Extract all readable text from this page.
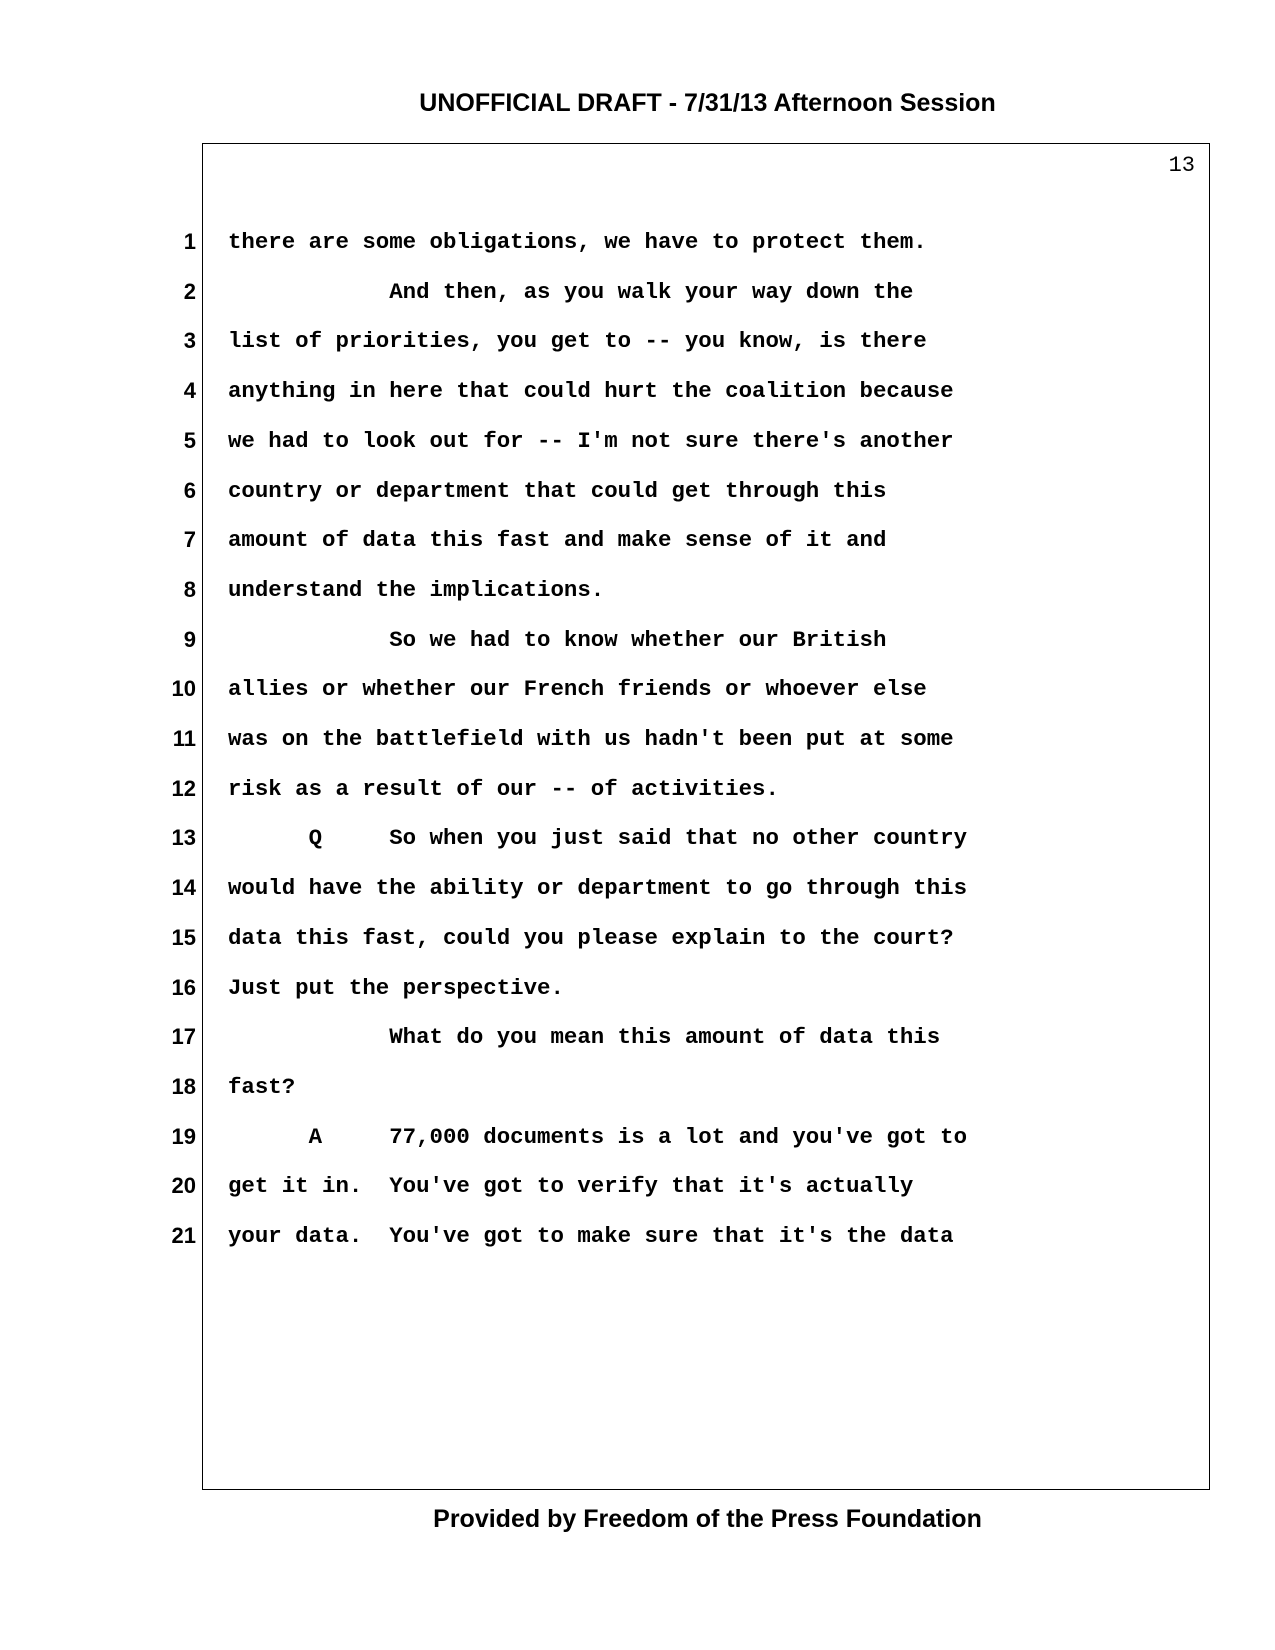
UNOFFICIAL DRAFT - 7/31/13 Afternoon Session
13
1 there are some obligations, we have to protect them.
2 And then, as you walk your way down the
3 list of priorities, you get to -- you know, is there
4 anything in here that could hurt the coalition because
5 we had to look out for -- I'm not sure there's another
6 country or department that could get through this
7 amount of data this fast and make sense of it and
8 understand the implications.
9 So we had to know whether our British
10 allies or whether our French friends or whoever else
11 was on the battlefield with us hadn't been put at some
12 risk as a result of our -- of activities.
13 Q     So when you just said that no other country
14 would have the ability or department to go through this
15 data this fast, could you please explain to the court?
16 Just put the perspective.
17 What do you mean this amount of data this
18 fast?
19 A     77,000 documents is a lot and you've got to
20 get it in.  You've got to verify that it's actually
21 your data.  You've got to make sure that it's the data
Provided by Freedom of the Press Foundation
